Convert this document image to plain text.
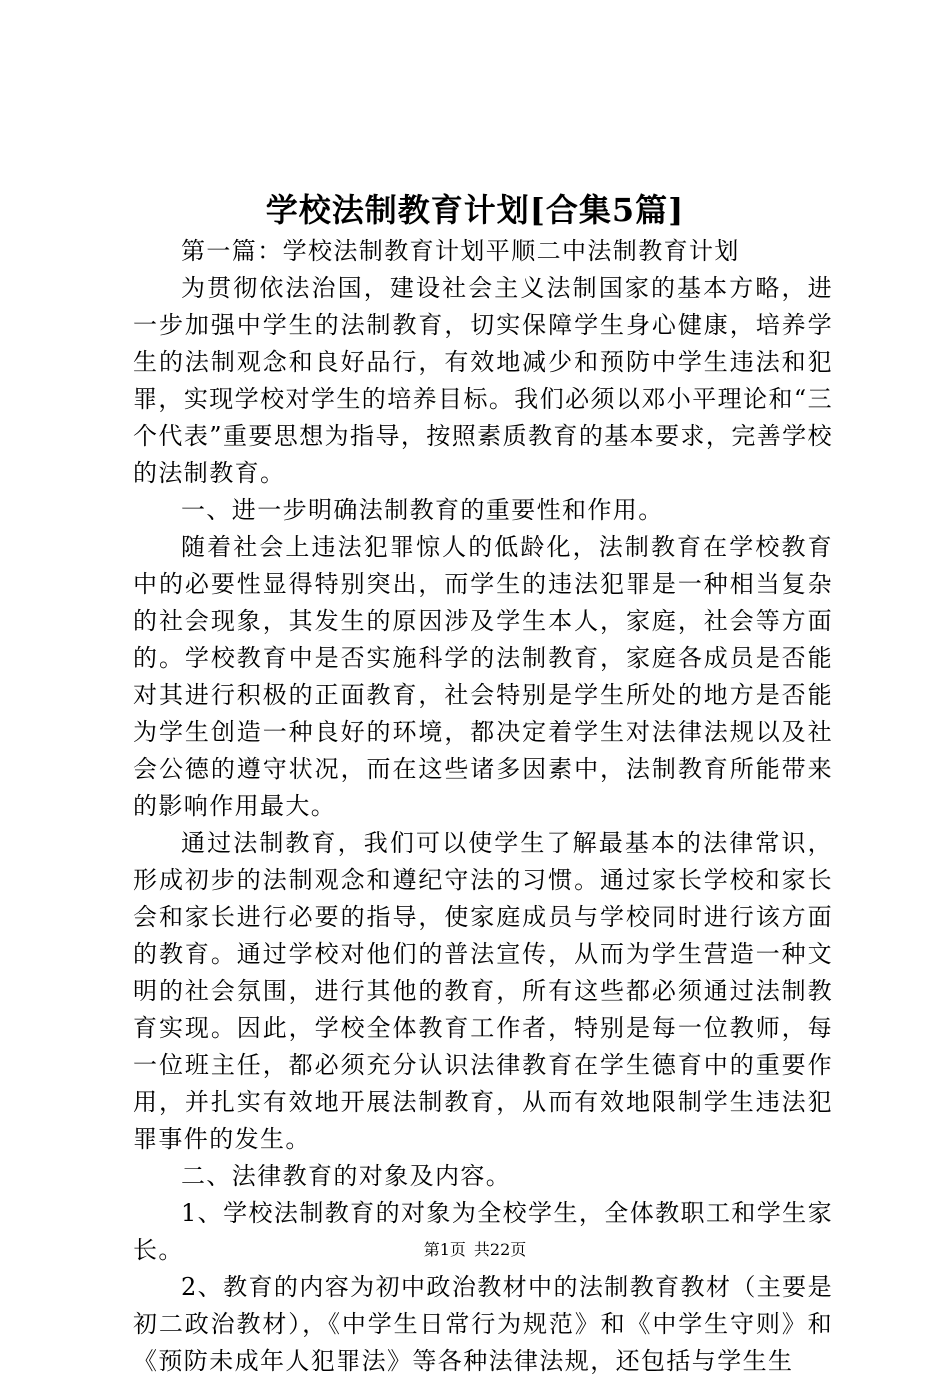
学校法制教育计划[合集5篇]

第一篇：学校法制教育计划平顺二中法制教育计划

为贯彻依法治国，建设社会主义法制国家的基本方略，进一步加强中学生的法制教育，切实保障学生身心健康，培养学生的法制观念和良好品行，有效地减少和预防中学生违法和犯罪，实现学校对学生的培养目标。我们必须以邓小平理论和“三个代表”重要思想为指导，按照素质教育的基本要求，完善学校的法制教育。

一、进一步明确法制教育的重要性和作用。

随着社会上违法犯罪惊人的低龄化，法制教育在学校教育中的必要性显得特别突出，而学生的违法犯罪是一种相当复杂的社会现象，其发生的原因涉及学生本人，家庭，社会等方面的。学校教育中是否实施科学的法制教育，家庭各成员是否能对其进行积极的正面教育，社会特别是学生所处的地方是否能为学生创造一种良好的环境，都决定着学生对法律法规以及社会公德的遵守状况，而在这些诸多因素中，法制教育所能带来的影响作用最大。

通过法制教育，我们可以使学生了解最基本的法律常识，形成初步的法制观念和遵纪守法的习惯。通过家长学校和家长会和家长进行必要的指导，使家庭成员与学校同时进行该方面的教育。通过学校对他们的普法宣传，从而为学生营造一种文明的社会氛围，进行其他的教育，所有这些都必须通过法制教育实现。因此，学校全体教育工作者，特别是每一位教师，每一位班主任，都必须充分认识法律教育在学生德育中的重要作用，并扎实有效地开展法制教育，从而有效地限制学生违法犯罪事件的发生。

二、法律教育的对象及内容。

1、学校法制教育的对象为全校学生，全体教职工和学生家长。

2、教育的内容为初中政治教材中的法制教育教材（主要是初二政治教材），《中学生日常行为规范》和《中学生守则》和《预防未成年人犯罪法》等各种法律法规，还包括与学生生

第1页 共22页
